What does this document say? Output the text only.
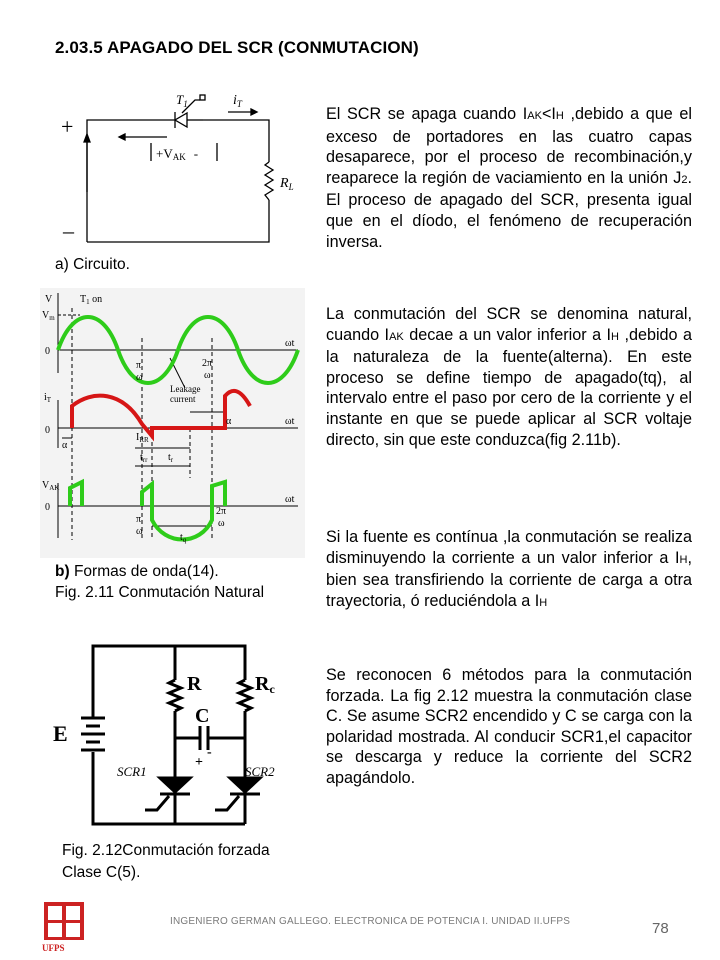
2.03.5 APAGADO DEL SCR (CONMUTACION)
+
–
$T_1$	$i_T$
+VAK -
$R_L$
a) Circuito.
V
$V_m$
$T_1$ on
0
π
ω
2π
ω
ωt
$i_T$
Leakage
current
α
α
0
$I_{RR}$
$t_{rr}$ $t_r$
ωt
$V_{AK}$
0
π
ω
2π
ω
ωt
$t_q$
b) Formas de onda(14).
Fig. 2.11 Conmutación Natural
E
R	Rc
C
+
-
SCR1	SCR2
Fig. 2.12Conmutación forzada
Clase C(5).
El SCR se apaga cuando IAK<IH ,debido a que el exceso de portadores en las cuatro capas desaparece, por el proceso de recombinación,y reaparece la región de vaciamiento en la unión J2. El proceso de apagado del SCR, presenta igual que en el díodo, el fenómeno de recuperación inversa.
La conmutación del SCR se denomina natural, cuando IAK decae a un valor inferior a IH ,debido a la naturaleza de la fuente(alterna). En este proceso se define tiempo de apagado(tq), al intervalo entre el paso por cero de la corriente y el instante en que se puede aplicar al SCR voltaje directo, sin que este conduzca(fig 2.11b).
Si la fuente es contínua ,la conmutación se realiza disminuyendo la corriente a un valor inferior a IH, bien sea transfiriendo la corriente de carga a otra trayectoria, ó reduciéndola a IH
Se reconocen 6 métodos para la conmutación forzada. La fig 2.12 muestra la conmutación clase C. Se asume SCR2 encendido y C se carga con la polaridad mostrada. Al conducir SCR1,el capacitor se descarga y reduce la corriente del SCR2 apagándolo.
UFPS
INGENIERO GERMAN GALLEGO. ELECTRONICA DE POTENCIA I. UNIDAD II.UFPS	78
